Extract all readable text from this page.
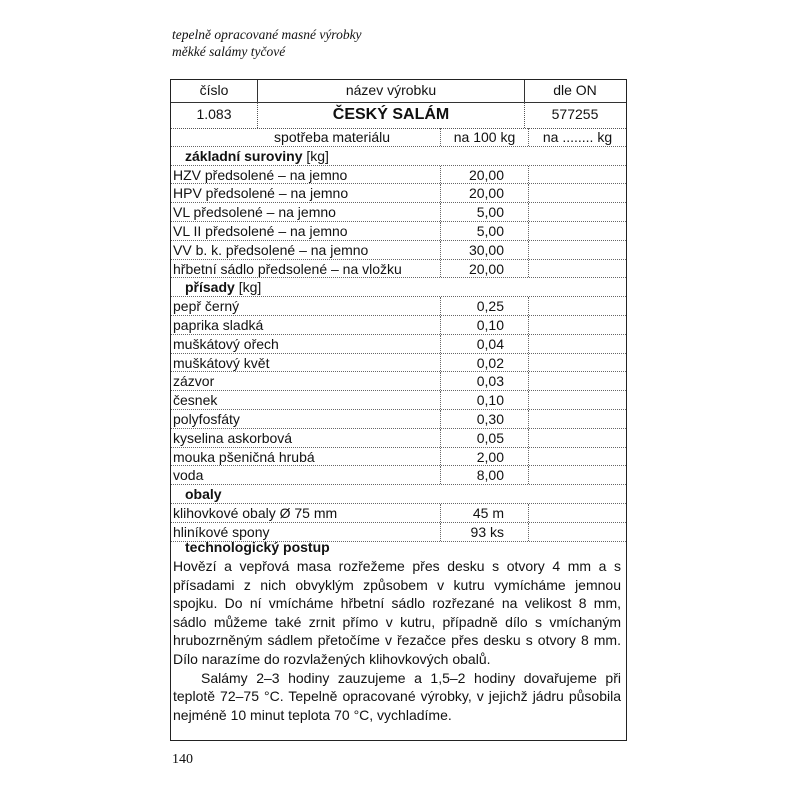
tepelně opracované masné výrobky
měkké salámy tyčové
číslo	název výrobku	dle ON
1.083	ČESKÝ SALÁM	577255
spotřeba materiálu	na 100 kg	na ........ kg
základní suroviny [kg]
HZV předsolené – na jemno	20,00
HPV předsolené – na jemno	20,00
VL předsolené – na jemno	5,00
VL II předsolené – na jemno	5,00
VV b. k. předsolené – na jemno	30,00
hřbetní sádlo předsolené – na vložku	20,00
přísady [kg]
pepř černý	0,25
paprika sladká	0,10
muškátový ořech	0,04
muškátový květ	0,02
zázvor	0,03
česnek	0,10
polyfosfáty	0,30
kyselina askorbová	0,05
mouka pšeničná hrubá	2,00
voda	8,00
obaly
klihovkové obaly Ø 75 mm	45 m
hliníkové spony	93 ks
technologický postup

Hovězí a vepřová masa rozřežeme přes desku s otvory 4 mm a s přísadami z nich obvyklým způsobem v kutru vymícháme jemnou spojku. Do ní vmícháme hřbetní sádlo rozřezané na velikost 8 mm, sádlo můžeme také zrnit přímo v kutru, případně dílo s vmíchaným hrubozrněným sádlem přetočíme v řezačce přes desku s otvory 8 mm. Dílo narazíme do rozvlažených klihovkových obalů.

Salámy 2–3 hodiny zauzujeme a 1,5–2 hodiny dovařujeme při teplotě 72–75 °C. Tepelně opracované výrobky, v jejichž jádru působila nejméně 10 minut teplota 70 °C, vychladíme.

140
